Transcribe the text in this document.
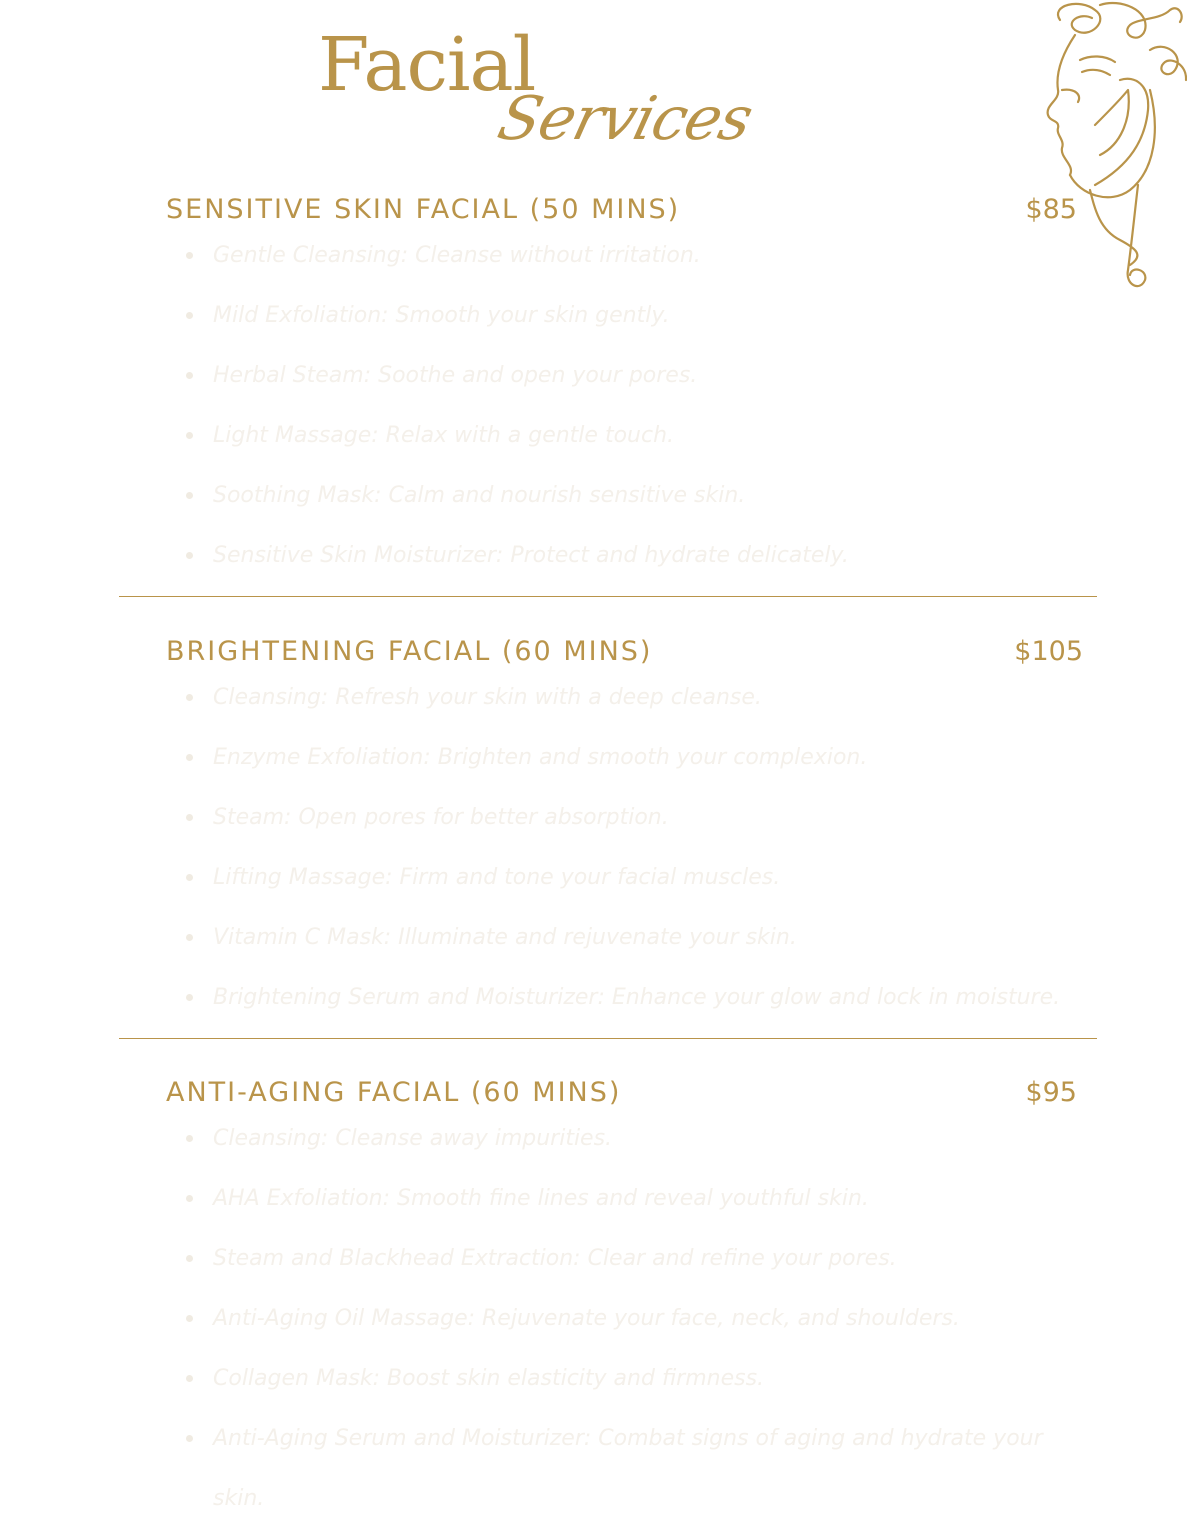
Facial
Services
SENSITIVE SKIN FACIAL (50 MINS)	$85
Gentle Cleansing: Cleanse without irritation.
Mild Exfoliation: Smooth your skin gently.
Herbal Steam: Soothe and open your pores.
Light Massage: Relax with a gentle touch.
Soothing Mask: Calm and nourish sensitive skin.
Sensitive Skin Moisturizer: Protect and hydrate delicately.
BRIGHTENING FACIAL (60 MINS)	$105
Cleansing: Refresh your skin with a deep cleanse.
Enzyme Exfoliation: Brighten and smooth your complexion.
Steam: Open pores for better absorption.
Lifting Massage: Firm and tone your facial muscles.
Vitamin C Mask: Illuminate and rejuvenate your skin.
Brightening Serum and Moisturizer: Enhance your glow and lock in moisture.
ANTI-AGING FACIAL (60 MINS)	$95
Cleansing: Cleanse away impurities.
AHA Exfoliation: Smooth fine lines and reveal youthful skin.
Steam and Blackhead Extraction: Clear and refine your pores.
Anti-Aging Oil Massage: Rejuvenate your face, neck, and shoulders.
Collagen Mask: Boost skin elasticity and firmness.
Anti-Aging Serum and Moisturizer: Combat signs of aging and hydrate your skin.
